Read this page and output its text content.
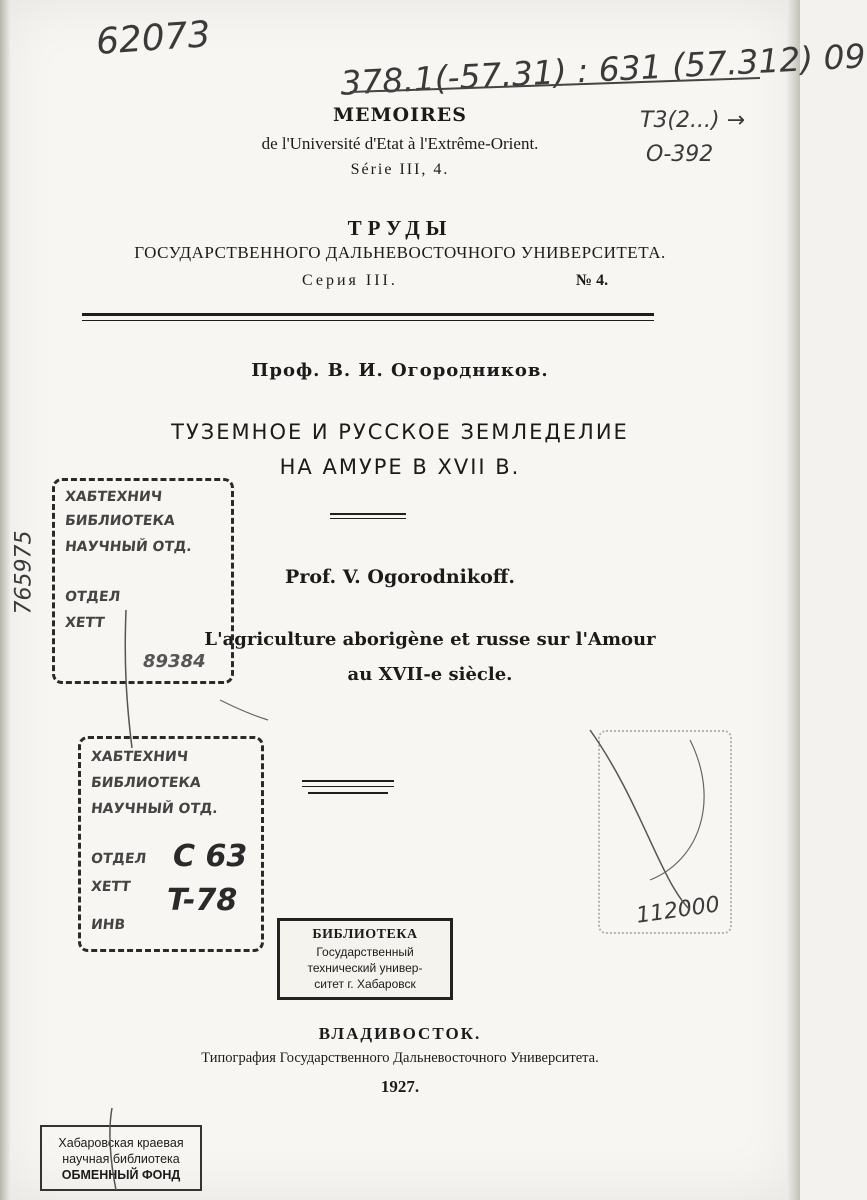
62073	378.1(-57.31) : 631 (57.312) 09
T3(2...) →
O-392
765975
112000
MEMOIRES
de l'Université d'Etat à l'Extrême-Orient.
Série III, 4.
ТРУДЫ
ГОСУДАРСТВЕННОГО ДАЛЬНЕВОСТОЧНОГО УНИВЕРСИТЕТА.
Серия III.	№ 4.
Проф. В. И. Огородников.
ТУЗЕМНОЕ И РУССКОЕ ЗЕМЛЕДЕЛИЕ
НА АМУРЕ В XVII В.
Prof. V. Ogorodnikoff.
L'agriculture aborigène et russe sur l'Amour
au XVII-e siècle.
ХАБТЕХНИЧ
БИБЛИОТЕКА
НАУЧНЫЙ ОТД.
ОТДЕЛ
ХЕТТ
89384
ХАБТЕХНИЧ
БИБЛИОТЕКА
НАУЧНЫЙ ОТД.
ОТДЕЛ
ХЕТТ
ИНВ
C 63
T-78
БИБЛИОТЕКА
Государственный
технический универ-
ситет г. Хабаровск
ВЛАДИВОСТОК.
Типография Государственного Дальневосточного Университета.
1927.
Хабаровская краевая
научная библиотека
ОБМЕННЫЙ ФОНД
